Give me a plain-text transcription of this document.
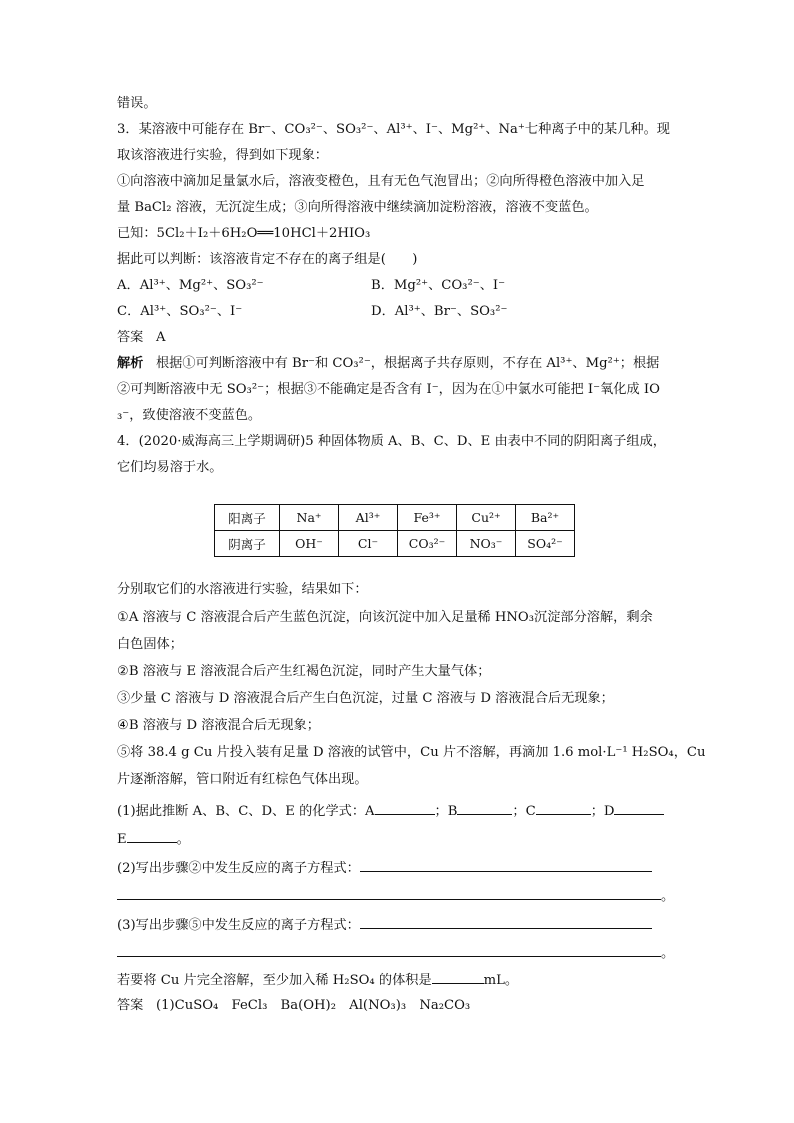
错误。
3．某溶液中可能存在 Br⁻、CO₃²⁻、SO₃²⁻、Al³⁺、I⁻、Mg²⁺、Na⁺七种离子中的某几种。现
取该溶液进行实验，得到如下现象：
①向溶液中滴加足量氯水后，溶液变橙色，且有无色气泡冒出；②向所得橙色溶液中加入足
量 BaCl₂ 溶液，无沉淀生成；③向所得溶液中继续滴加淀粉溶液，溶液不变蓝色。
已知：5Cl₂＋I₂＋6H₂O══10HCl＋2HIO₃
据此可以判断：该溶液肯定不存在的离子组是(　　)
A．Al³⁺、Mg²⁺、SO₃²⁻	B．Mg²⁺、CO₃²⁻、I⁻
C．Al³⁺、SO₃²⁻、I⁻	D．Al³⁺、Br⁻、SO₃²⁻
答案 A
解析 根据①可判断溶液中有 Br⁻和 CO₃²⁻，根据离子共存原则，不存在 Al³⁺、Mg²⁺；根据
②可判断溶液中无 SO₃²⁻；根据③不能确定是否含有 I⁻，因为在①中氯水可能把 I⁻氧化成 IO
₃⁻，致使溶液不变蓝色。
4．(2020·威海高三上学期调研)5 种固体物质 A、B、C、D、E 由表中不同的阴阳离子组成，
它们均易溶于水。
阳离子	Na⁺	Al³⁺	Fe³⁺	Cu²⁺	Ba²⁺
阴离子	OH⁻	Cl⁻	CO₃²⁻	NO₃⁻	SO₄²⁻
分别取它们的水溶液进行实验，结果如下：
①A 溶液与 C 溶液混合后产生蓝色沉淀，向该沉淀中加入足量稀 HNO₃沉淀部分溶解，剩余
白色固体；
②B 溶液与 E 溶液混合后产生红褐色沉淀，同时产生大量气体；
③少量 C 溶液与 D 溶液混合后产生白色沉淀，过量 C 溶液与 D 溶液混合后无现象；
④B 溶液与 D 溶液混合后无现象；
⑤将 38.4 g Cu 片投入装有足量 D 溶液的试管中，Cu 片不溶解，再滴加 1.6 mol·L⁻¹ H₂SO₄，Cu
片逐渐溶解，管口附近有红棕色气体出现。
(1)据此推断 A、B、C、D、E 的化学式：A	；B	；C	；D
E	。
(2)写出步骤②中发生反应的离子方程式：
。
(3)写出步骤⑤中发生反应的离子方程式：
。
若要将 Cu 片完全溶解，至少加入稀 H₂SO₄ 的体积是	mL。
答案 (1)CuSO₄　FeCl₃　Ba(OH)₂　Al(NO₃)₃　Na₂CO₃
